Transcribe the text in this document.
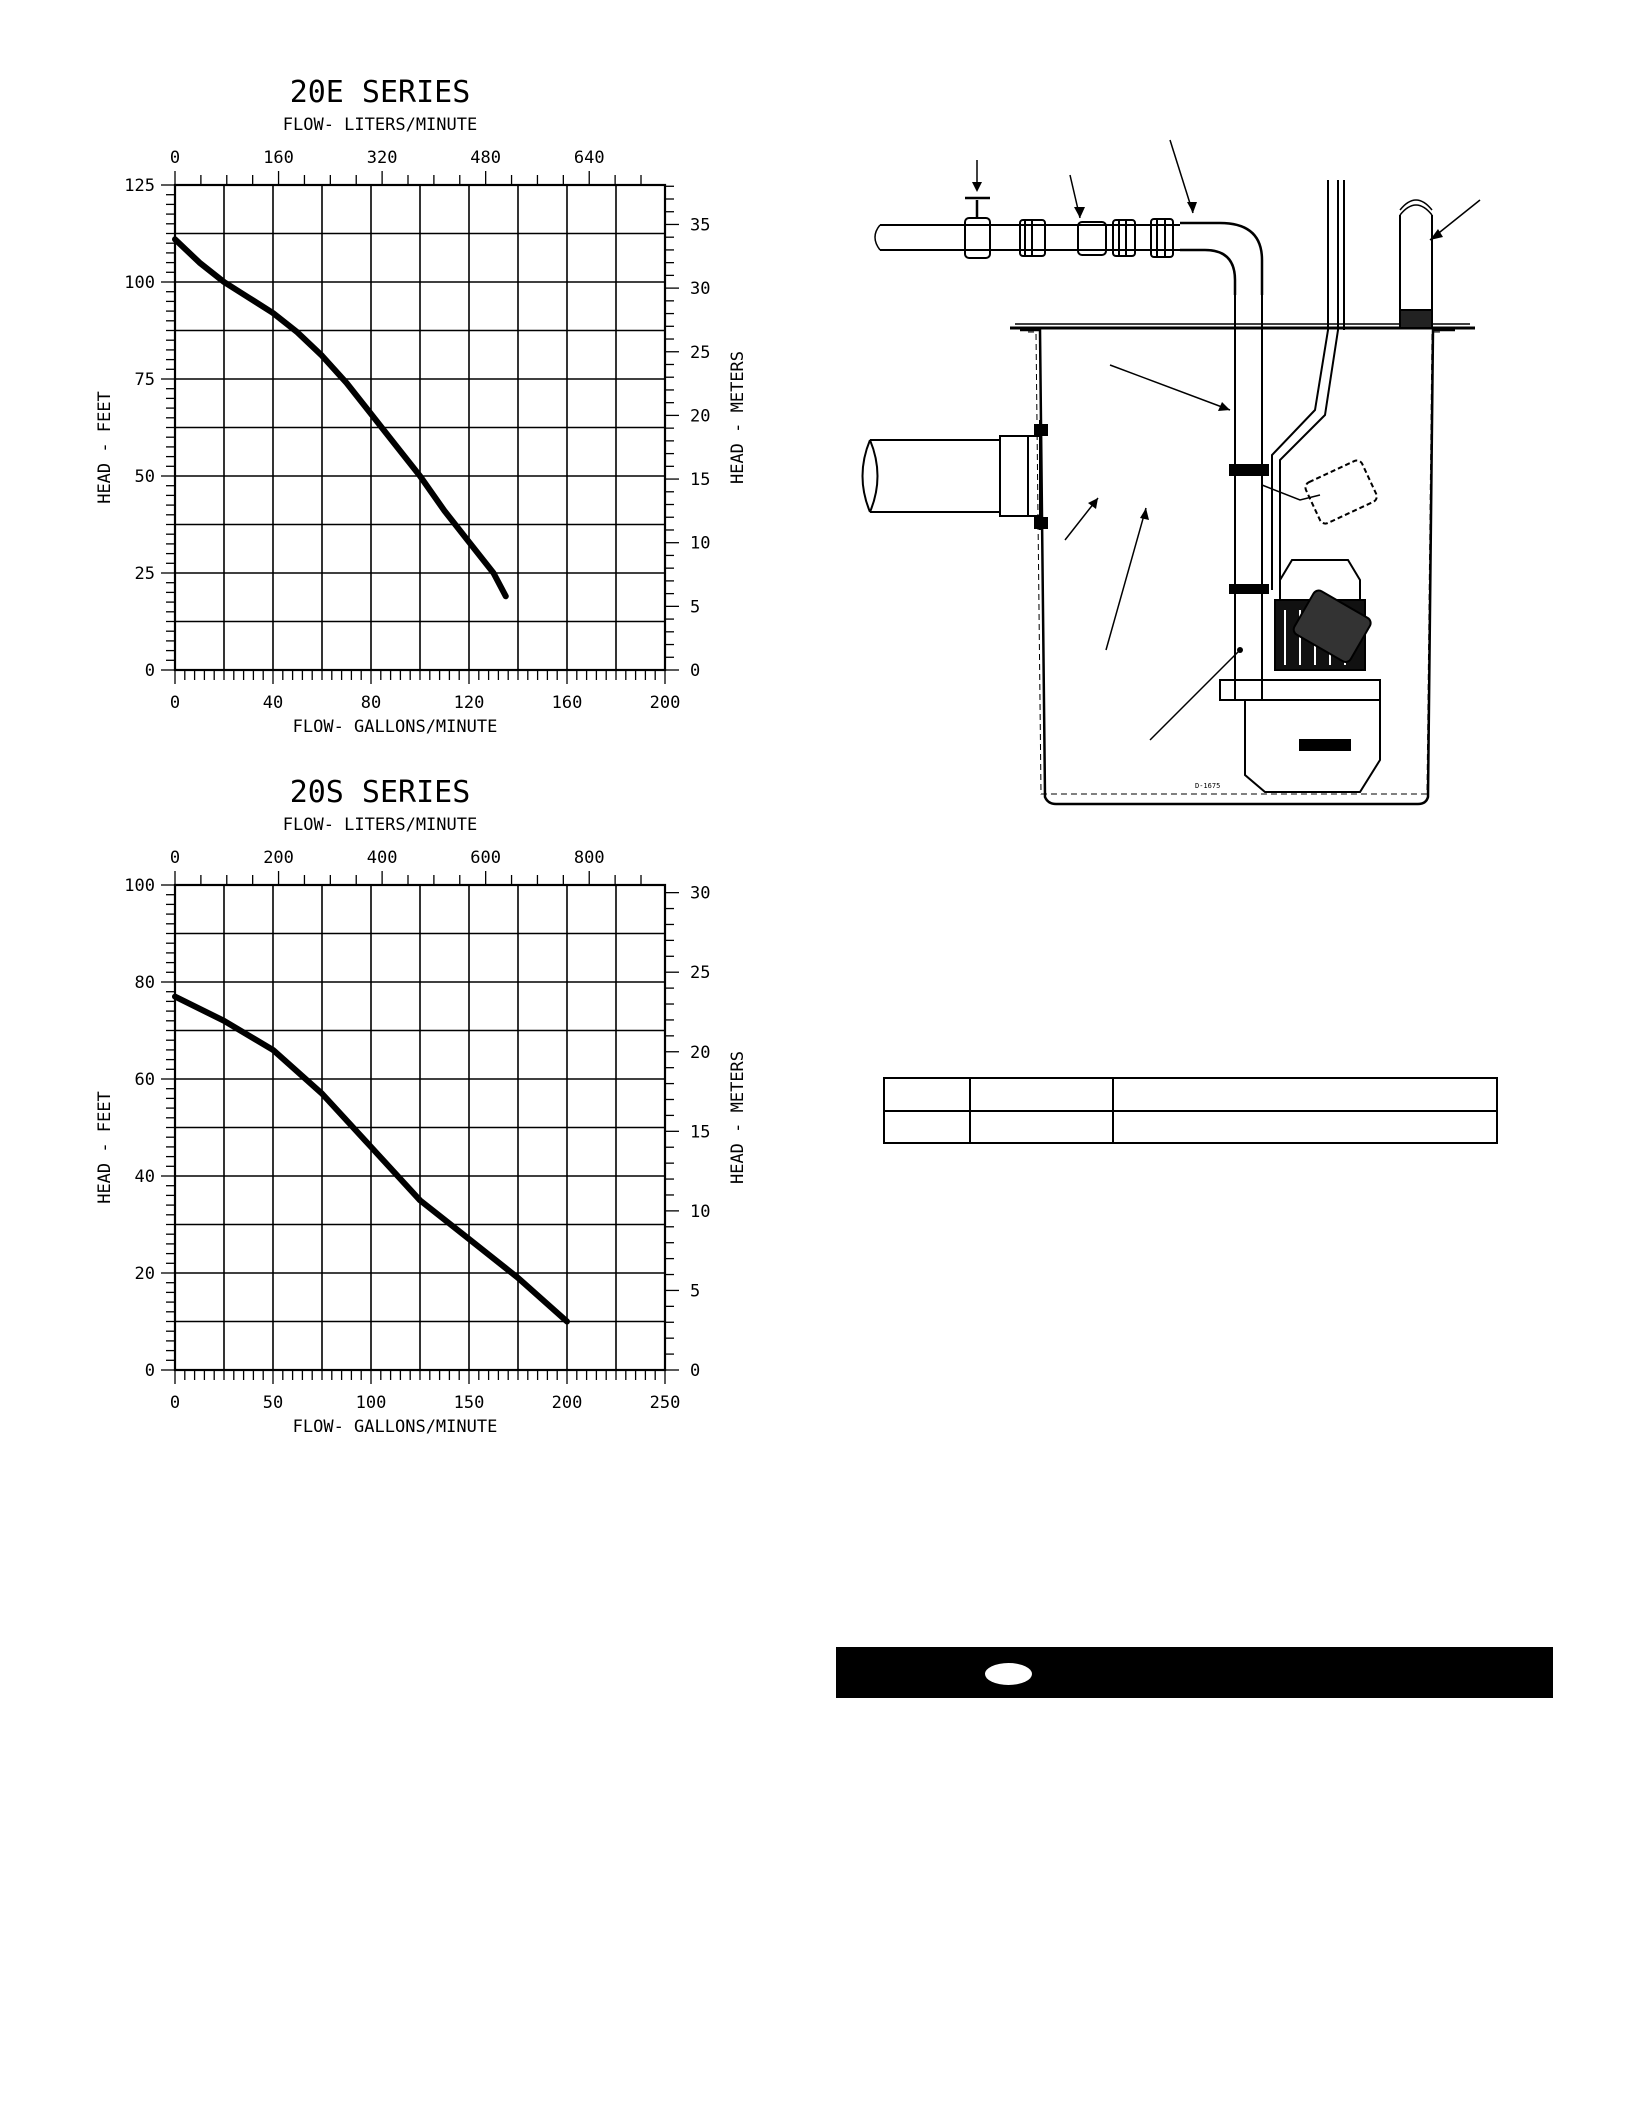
20E SERIES
FLOW- LITERS/MINUTE
0	40	80	120	160	200
FLOW- GALLONS/MINUTE
0	160	320	480	640
0
25
50
75
100
125
HEAD - FEET
0
5
10
15
20
25
30
35
HEAD - METERS
20S SERIES
FLOW- LITERS/MINUTE
0	50	100	150	200	250
FLOW- GALLONS/MINUTE
0	200	400	600	800
0
20
40
60
80
100
HEAD - FEET
0
5
10
15
20
25
30
HEAD - METERS
D-1675
